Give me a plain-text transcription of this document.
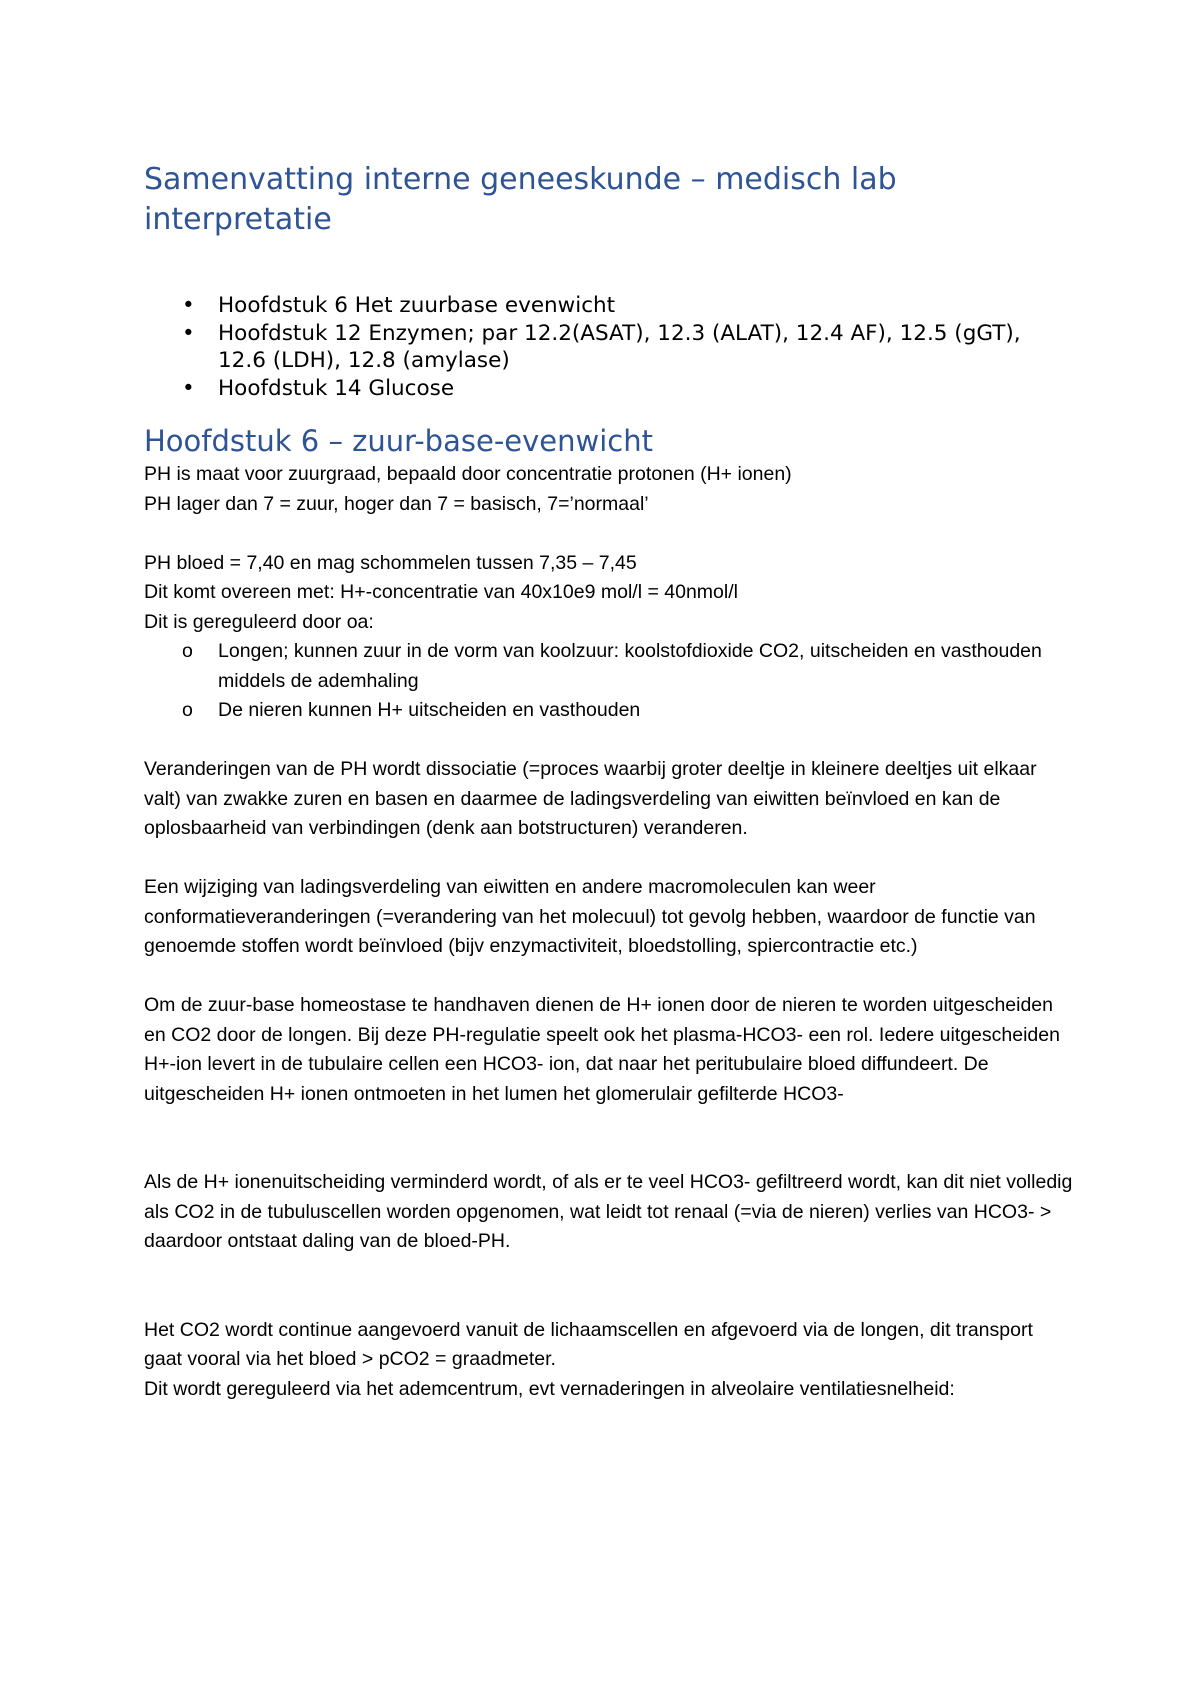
Samenvatting interne geneeskunde – medisch lab interpretatie
• Hoofdstuk 6 Het zuurbase evenwicht
• Hoofdstuk 12 Enzymen; par 12.2(ASAT), 12.3 (ALAT), 12.4 AF), 12.5 (gGT), 12.6 (LDH), 12.8 (amylase)
• Hoofdstuk 14 Glucose
Hoofdstuk 6 – zuur-base-evenwicht

PH is maat voor zuurgraad, bepaald door concentratie protonen (H+ ionen)

PH lager dan 7 = zuur, hoger dan 7 = basisch, 7=’normaal’

PH bloed = 7,40 en mag schommelen tussen 7,35 – 7,45

Dit komt overeen met: H+-concentratie van 40x10e9 mol/l = 40nmol/l

Dit is gereguleerd door oa:

o Longen; kunnen zuur in de vorm van koolzuur: koolstofdioxide CO2, uitscheiden en vasthouden middels de ademhaling
o De nieren kunnen H+ uitscheiden en vasthouden

Veranderingen van de PH wordt dissociatie (=proces waarbij groter deeltje in kleinere deeltjes uit elkaar valt) van zwakke zuren en basen en daarmee de ladingsverdeling van eiwitten beïnvloed en kan de oplosbaarheid van verbindingen (denk aan botstructuren) veranderen.

Een wijziging van ladingsverdeling van eiwitten en andere macromoleculen kan weer conformatieveranderingen (=verandering van het molecuul) tot gevolg hebben, waardoor de functie van genoemde stoffen wordt beïnvloed (bijv enzymactiviteit, bloedstolling, spiercontractie etc.)

Om de zuur-base homeostase te handhaven dienen de H+ ionen door de nieren te worden uitgescheiden en CO2 door de longen. Bij deze PH-regulatie speelt ook het plasma-HCO3- een rol. Iedere uitgescheiden H+-ion levert in de tubulaire cellen een HCO3- ion, dat naar het peritubulaire bloed diffundeert. De uitgescheiden H+ ionen ontmoeten in het lumen het glomerulair gefilterde HCO3-

Als de H+ ionenuitscheiding verminderd wordt, of als er te veel HCO3- gefiltreerd wordt, kan dit niet volledig als CO2 in de tubuluscellen worden opgenomen, wat leidt tot renaal (=via de nieren) verlies van HCO3- > daardoor ontstaat daling van de bloed-PH.

Het CO2 wordt continue aangevoerd vanuit de lichaamscellen en afgevoerd via de longen, dit transport gaat vooral via het bloed > pCO2 = graadmeter.

Dit wordt gereguleerd via het ademcentrum, evt vernaderingen in alveolaire ventilatiesnelheid:
